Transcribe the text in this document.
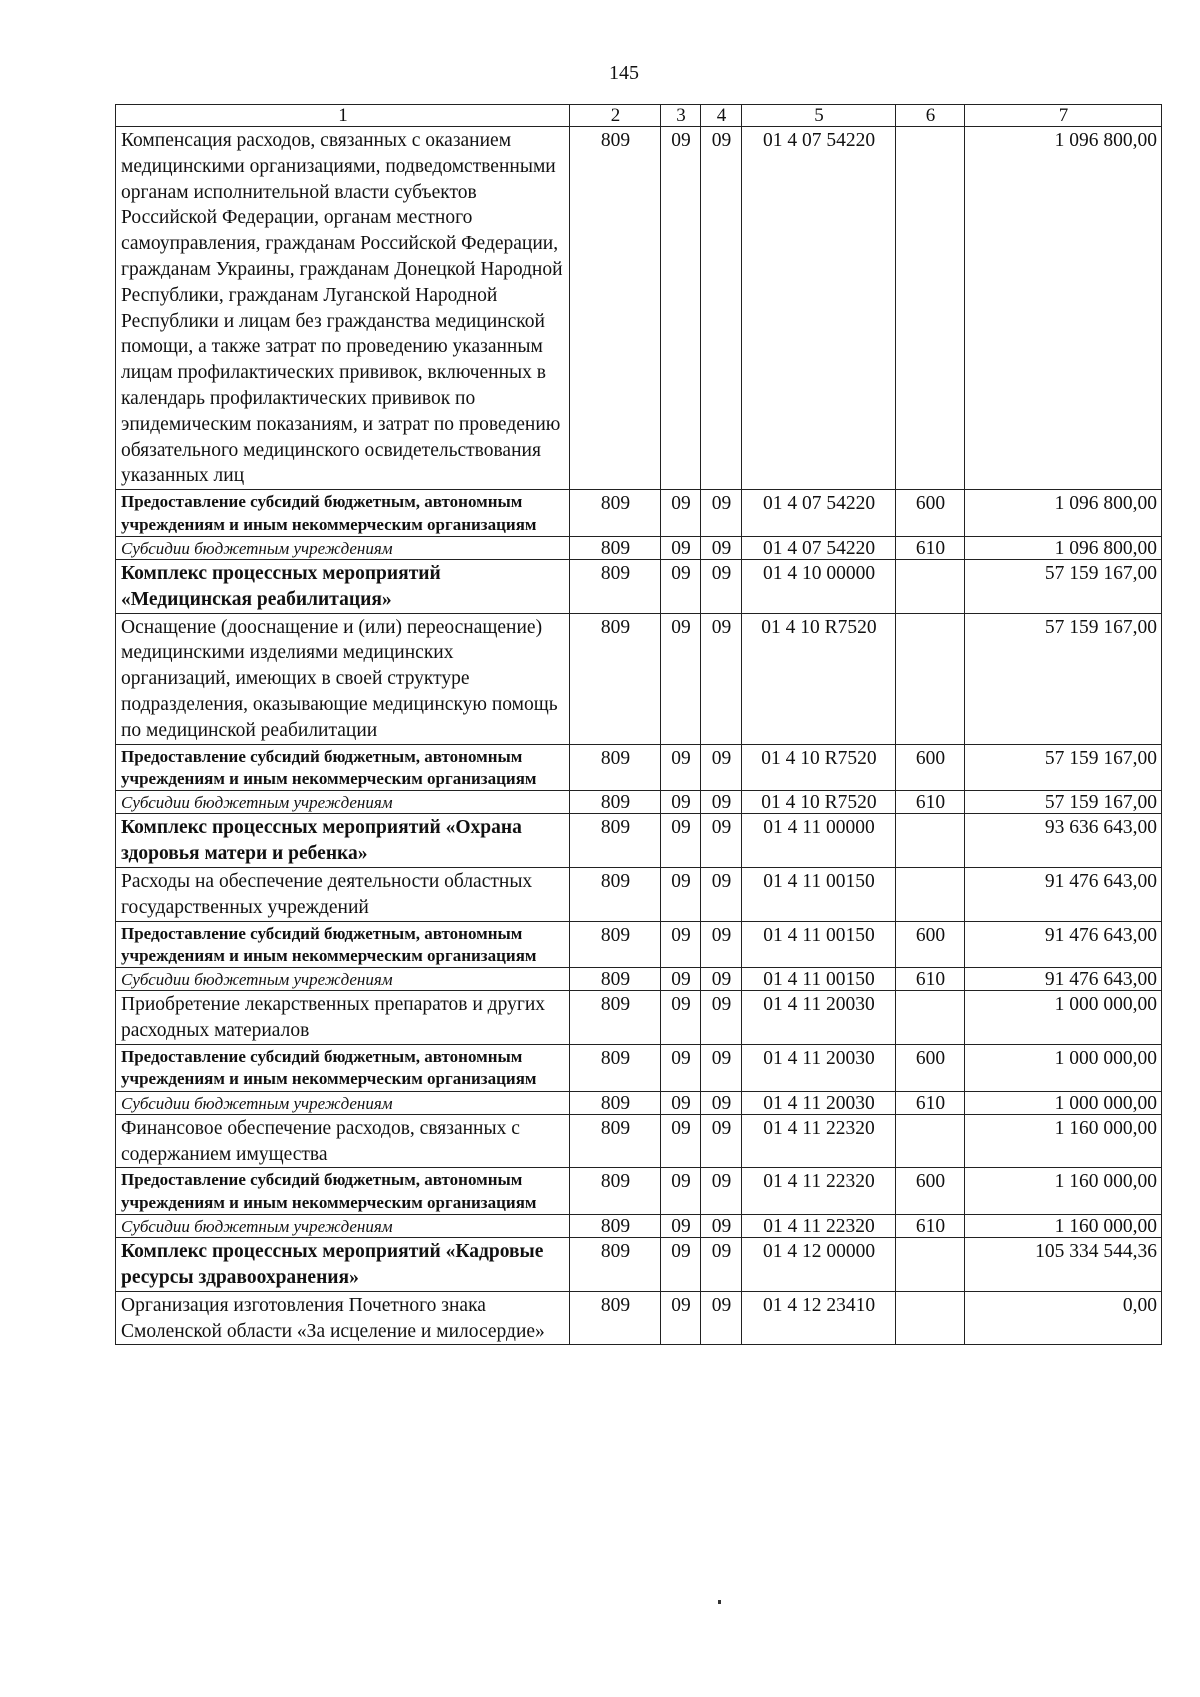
145
1	2	3	4	5	6	7
Компенсация расходов, связанных с оказанием медицинскими организациями, подведомственными органам исполнительной власти субъектов Российской Федерации, органам местного самоуправления, гражданам Российской Федерации, гражданам Украины, гражданам Донецкой Народной Республики, гражданам Луганской Народной Республики и лицам без гражданства медицинской помощи, а также затрат по проведению указанным лицам профилактических прививок, включенных в календарь профилактических прививок по эпидемическим показаниям, и затрат по проведению обязательного медицинского освидетельствования указанных лиц	809	09	09	01 4 07 54220		1 096 800,00
Предоставление субсидий бюджетным, автономным учреждениям и иным некоммерческим организациям	809	09	09	01 4 07 54220	600	1 096 800,00
Субсидии бюджетным учреждениям	809	09	09	01 4 07 54220	610	1 096 800,00
Комплекс процессных мероприятий «Медицинская реабилитация»	809	09	09	01 4 10 00000		57 159 167,00
Оснащение (дооснащение и (или) переоснащение) медицинскими изделиями медицинских организаций, имеющих в своей структуре подразделения, оказывающие медицинскую помощь по медицинской реабилитации	809	09	09	01 4 10 R7520		57 159 167,00
Предоставление субсидий бюджетным, автономным учреждениям и иным некоммерческим организациям	809	09	09	01 4 10 R7520	600	57 159 167,00
Субсидии бюджетным учреждениям	809	09	09	01 4 10 R7520	610	57 159 167,00
Комплекс процессных мероприятий «Охрана здоровья матери и ребенка»	809	09	09	01 4 11 00000		93 636 643,00
Расходы на обеспечение деятельности областных государственных учреждений	809	09	09	01 4 11 00150		91 476 643,00
Предоставление субсидий бюджетным, автономным учреждениям и иным некоммерческим организациям	809	09	09	01 4 11 00150	600	91 476 643,00
Субсидии бюджетным учреждениям	809	09	09	01 4 11 00150	610	91 476 643,00
Приобретение лекарственных препаратов и других расходных материалов	809	09	09	01 4 11 20030		1 000 000,00
Предоставление субсидий бюджетным, автономным учреждениям и иным некоммерческим организациям	809	09	09	01 4 11 20030	600	1 000 000,00
Субсидии бюджетным учреждениям	809	09	09	01 4 11 20030	610	1 000 000,00
Финансовое обеспечение расходов, связанных с содержанием имущества	809	09	09	01 4 11 22320		1 160 000,00
Предоставление субсидий бюджетным, автономным учреждениям и иным некоммерческим организациям	809	09	09	01 4 11 22320	600	1 160 000,00
Субсидии бюджетным учреждениям	809	09	09	01 4 11 22320	610	1 160 000,00
Комплекс процессных мероприятий «Кадровые ресурсы здравоохранения»	809	09	09	01 4 12 00000		105 334 544,36
Организация изготовления Почетного знака Смоленской области «За исцеление и милосердие»	809	09	09	01 4 12 23410		0,00
